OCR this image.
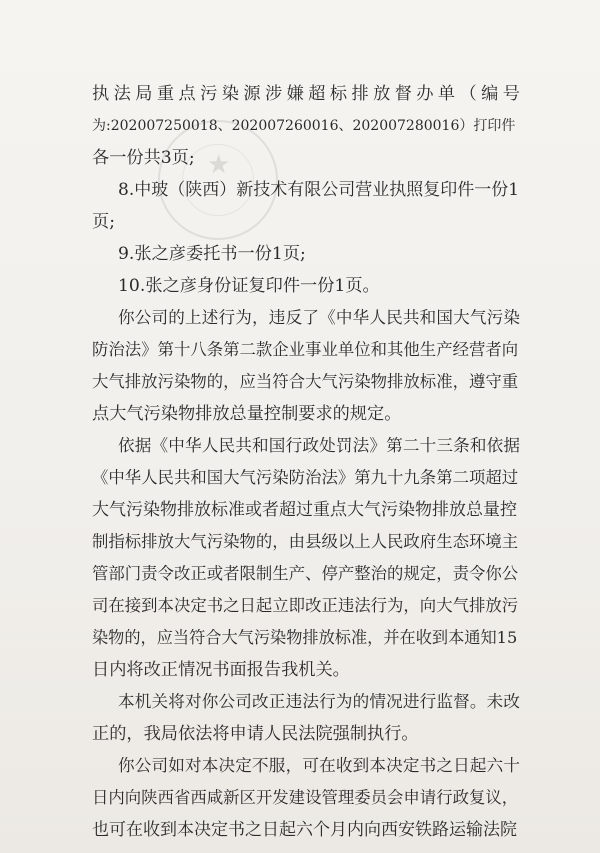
★
执法局重点污染源涉嫌超标排放督办单（编号
为:202007250018、202007260016、202007280016）打印件
各一份共3页;
8.中玻（陕西）新技术有限公司营业执照复印件一份1
页;
9.张之彦委托书一份1页;
10.张之彦身份证复印件一份1页。
你公司的上述行为，违反了《中华人民共和国大气污染
防治法》第十八条第二款企业事业单位和其他生产经营者向
大气排放污染物的，应当符合大气污染物排放标准，遵守重
点大气污染物排放总量控制要求的规定。
依据《中华人民共和国行政处罚法》第二十三条和依据
《中华人民共和国大气污染防治法》第九十九条第二项超过
大气污染物排放标准或者超过重点大气污染物排放总量控
制指标排放大气污染物的，由县级以上人民政府生态环境主
管部门责令改正或者限制生产、停产整治的规定，责令你公
司在接到本决定书之日起立即改正违法行为，向大气排放污
染物的，应当符合大气污染物排放标准，并在收到本通知15
日内将改正情况书面报告我机关。
本机关将对你公司改正违法行为的情况进行监督。未改
正的，我局依法将申请人民法院强制执行。
你公司如对本决定不服，可在收到本决定书之日起六十
日内向陕西省西咸新区开发建设管理委员会申请行政复议，
也可在收到本决定书之日起六个月内向西安铁路运输法院
